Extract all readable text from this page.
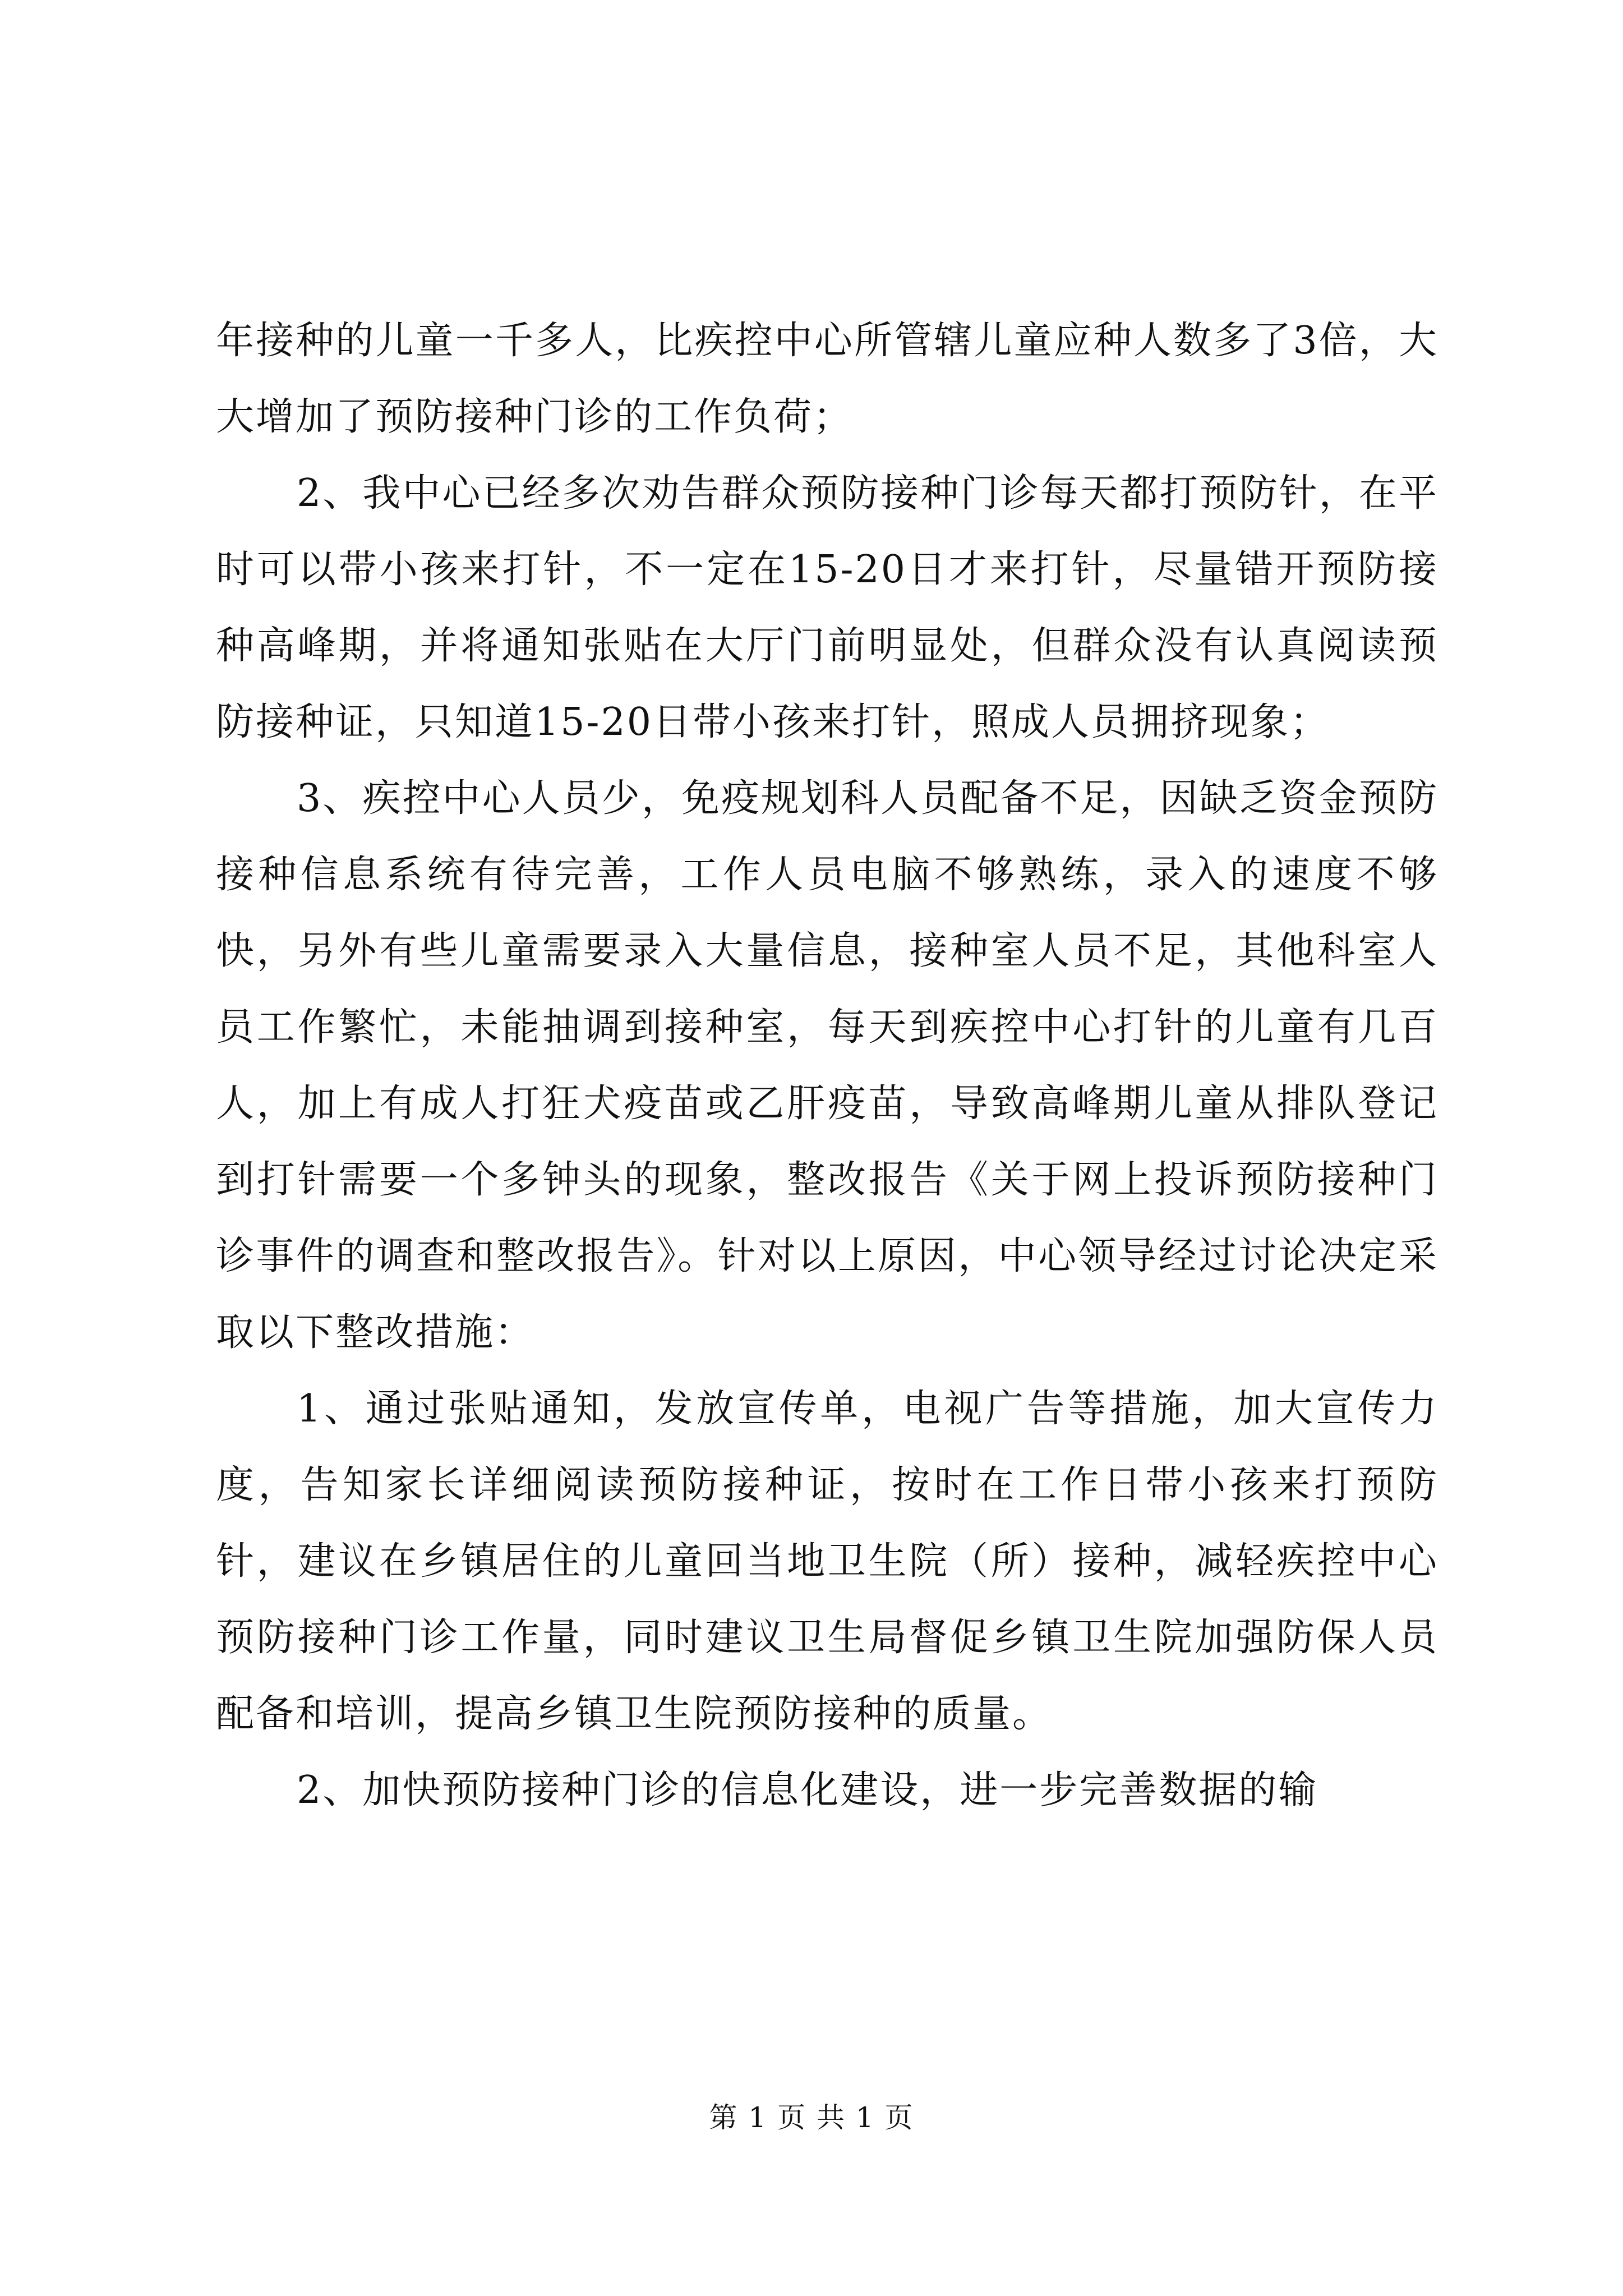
年接种的儿童一千多人，比疾控中心所管辖儿童应种人数多了3倍，大大增加了预防接种门诊的工作负荷；

2、我中心已经多次劝告群众预防接种门诊每天都打预防针，在平时可以带小孩来打针，不一定在15-20日才来打针，尽量错开预防接种高峰期，并将通知张贴在大厅门前明显处，但群众没有认真阅读预防接种证，只知道15-20日带小孩来打针，照成人员拥挤现象；

3、疾控中心人员少，免疫规划科人员配备不足，因缺乏资金预防接种信息系统有待完善，工作人员电脑不够熟练，录入的速度不够快，另外有些儿童需要录入大量信息，接种室人员不足，其他科室人员工作繁忙，未能抽调到接种室，每天到疾控中心打针的儿童有几百人，加上有成人打狂犬疫苗或乙肝疫苗，导致高峰期儿童从排队登记到打针需要一个多钟头的现象，整改报告《关于网上投诉预防接种门诊事件的调查和整改报告》。针对以上原因，中心领导经过讨论决定采取以下整改措施：

1、通过张贴通知，发放宣传单，电视广告等措施，加大宣传力度，告知家长详细阅读预防接种证，按时在工作日带小孩来打预防针，建议在乡镇居住的儿童回当地卫生院（所）接种，减轻疾控中心预防接种门诊工作量，同时建议卫生局督促乡镇卫生院加强防保人员配备和培训，提高乡镇卫生院预防接种的质量。

2、加快预防接种门诊的信息化建设，进一步完善数据的输

第 1 页 共 1 页
